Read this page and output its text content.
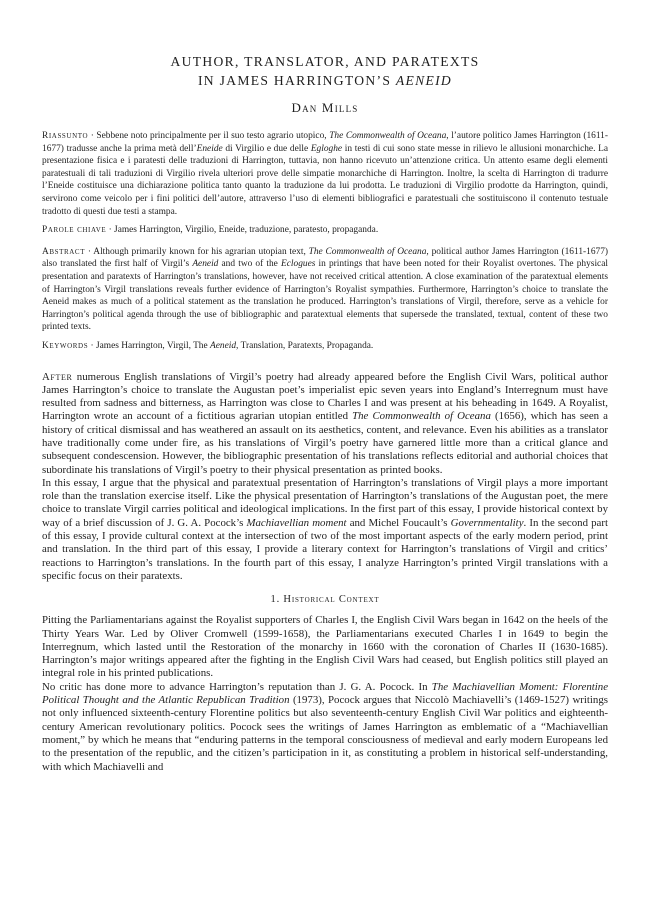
AUTHOR, TRANSLATOR, AND PARATEXTS
IN JAMES HARRINGTON’S AENEID
Dan Mills

Riassunto · Sebbene noto principalmente per il suo testo agrario utopico, The Commonwealth of Oceana, l’autore politico James Harrington (1611-1677) tradusse anche la prima metà dell’Eneide di Virgilio e due delle Egloghe in testi di cui sono state messe in rilievo le allusioni monarchiche. La presentazione fisica e i paratesti delle traduzioni di Harrington, tuttavia, non hanno ricevuto un’attenzione critica. Un attento esame degli elementi paratestuali di tali traduzioni di Virgilio rivela ulteriori prove delle simpatie monarchiche di Harrington. Inoltre, la scelta di Harrington di tradurre l’Eneide costituisce una dichiarazione politica tanto quanto la traduzione da lui prodotta. Le traduzioni di Virgilio prodotte da Harrington, quindi, servirono come veicolo per i fini politici dell’autore, attraverso l’uso di elementi bibliografici e paratestuali che sostituiscono il contenuto testuale tradotto di questi due testi a stampa.

Parole chiave · James Harrington, Virgilio, Eneide, traduzione, paratesto, propaganda.

Abstract · Although primarily known for his agrarian utopian text, The Commonwealth of Oceana, political author James Harrington (1611-1677) also translated the first half of Virgil’s Aeneid and two of the Eclogues in printings that have been noted for their Royalist overtones. The physical presentation and paratexts of Harrington’s translations, however, have not received critical attention. A close examination of the paratextual elements of Harrington’s Virgil translations reveals further evidence of Harrington’s Royalist sympathies. Furthermore, Harrington’s choice to translate the Aeneid makes as much of a political statement as the translation he produced. Harrington’s translations of Virgil, therefore, serve as a vehicle for Harrington’s political agenda through the use of bibliographic and paratextual elements that supersede the translated, textual, content of these two printed texts.

Keywords · James Harrington, Virgil, The Aeneid, Translation, Paratexts, Propaganda.

After numerous English translations of Virgil’s poetry had already appeared before the English Civil Wars, political author James Harrington’s choice to translate the Augustan poet’s imperialist epic seven years into England’s Interregnum must have resulted from sadness and bitterness, as Harrington was close to Charles I and was present at his beheading in 1649. A Royalist, Harrington wrote an account of a fictitious agrarian utopian entitled The Commonwealth of Oceana (1656), which has seen a history of critical dismissal and has weathered an assault on its aesthetics, content, and relevance. Even his abilities as a translator have traditionally come under fire, as his translations of Virgil’s poetry have garnered little more than a critical glance and subsequent condescension. However, the bibliographic presentation of his translations reflects editorial and authorial choices that subordinate his translations of Virgil’s poetry to their physical presentation as printed books.

In this essay, I argue that the physical and paratextual presentation of Harrington’s translations of Virgil plays a more important role than the translation exercise itself. Like the physical presentation of Harrington’s translations of the Augustan poet, the mere choice to translate Virgil carries political and ideological implications. In the first part of this essay, I provide historical context by way of a brief discussion of J. G. A. Pocock’s Machiavellian moment and Michel Foucault’s Governmentality. In the second part of this essay, I provide cultural context at the intersection of two of the most important aspects of the early modern period, print and translation. In the third part of this essay, I provide a literary context for Harrington’s translations of Virgil and critics’ reactions to Harrington’s translations. In the fourth part of this essay, I analyze Harrington’s printed Virgil translations with a specific focus on their paratexts.

1. Historical Context

Pitting the Parliamentarians against the Royalist supporters of Charles I, the English Civil Wars began in 1642 on the heels of the Thirty Years War. Led by Oliver Cromwell (1599-1658), the Parliamentarians executed Charles I in 1649 to begin the Interregnum, which lasted until the Restoration of the monarchy in 1660 with the coronation of Charles II (1630-1685). Harrington’s major writings appeared after the fighting in the English Civil Wars had ceased, but English politics still played an integral role in his printed publications.

No critic has done more to advance Harrington’s reputation than J. G. A. Pocock. In The Machiavellian Moment: Florentine Political Thought and the Atlantic Republican Tradition (1973), Pocock argues that Niccolò Machiavelli’s (1469-1527) writings not only influenced sixteenth-century Florentine politics but also seventeenth-century English Civil War politics and eighteenth-century American revolutionary politics. Pocock sees the writings of James Harrington as emblematic of a “Machiavellian moment,” by which he means that “enduring patterns in the temporal consciousness of medieval and early modern Europeans led to the presentation of the republic, and the citizen’s participation in it, as constituting a problem in historical self-understanding, with which Machiavelli and
